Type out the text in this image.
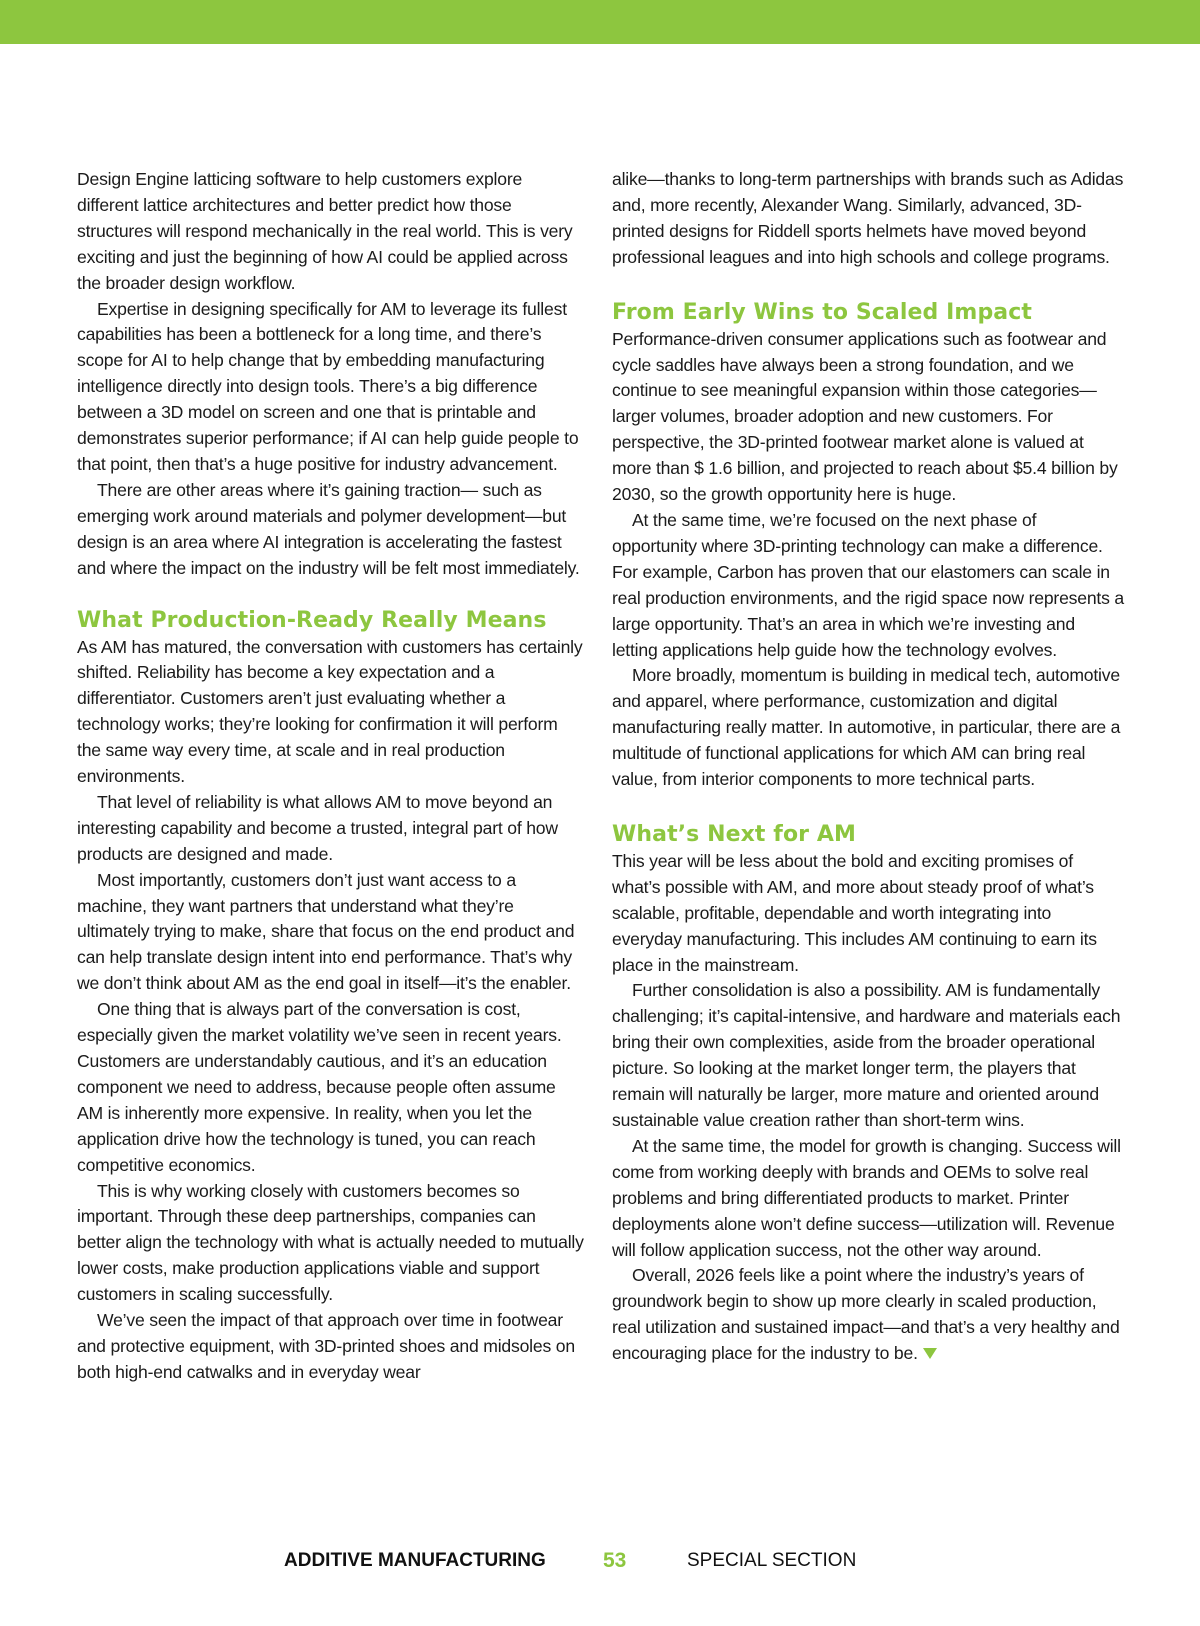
Design Engine latticing software to help customers explore different lattice architectures and better predict how those structures will respond mechanically in the real world. This is very exciting and just the beginning of how AI could be applied across the broader design workflow.

Expertise in designing specifically for AM to leverage its fullest capabilities has been a bottleneck for a long time, and there’s scope for AI to help change that by embedding manufacturing intelligence directly into design tools. There’s a big difference between a 3D model on screen and one that is printable and demonstrates superior performance; if AI can help guide people to that point, then that’s a huge positive for industry advancement.

There are other areas where it’s gaining traction— such as emerging work around materials and polymer development—but design is an area where AI integration is accelerating the fastest and where the impact on the industry will be felt most immediately.

What Production-Ready Really Means

As AM has matured, the conversation with customers has certainly shifted. Reliability has become a key expectation and a differentiator. Customers aren’t just evaluating whether a technology works; they’re looking for confirmation it will perform the same way every time, at scale and in real production environments.

That level of reliability is what allows AM to move beyond an interesting capability and become a trusted, integral part of how products are designed and made.

Most importantly, customers don’t just want access to a machine, they want partners that understand what they’re ultimately trying to make, share that focus on the end product and can help translate design intent into end performance. That’s why we don’t think about AM as the end goal in itself—it’s the enabler.

One thing that is always part of the conversation is cost, especially given the market volatility we’ve seen in recent years. Customers are understandably cautious, and it’s an education component we need to address, because people often assume AM is inherently more expensive. In reality, when you let the application drive how the technology is tuned, you can reach competitive economics.

This is why working closely with customers becomes so important. Through these deep partnerships, companies can better align the technology with what is actually needed to mutually lower costs, make production applications viable and support customers in scaling successfully.

We’ve seen the impact of that approach over time in footwear and protective equipment, with 3D-printed shoes and midsoles on both high-end catwalks and in everyday wear

alike—thanks to long-term partnerships with brands such as Adidas and, more recently, Alexander Wang. Similarly, advanced, 3D-printed designs for Riddell sports helmets have moved beyond professional leagues and into high schools and college programs.

From Early Wins to Scaled Impact

Performance-driven consumer applications such as footwear and cycle saddles have always been a strong foundation, and we continue to see meaningful expansion within those categories—larger volumes, broader adoption and new customers. For perspective, the 3D-printed footwear market alone is valued at more than $ 1.6 billion, and projected to reach about $5.4 billion by 2030, so the growth opportunity here is huge.

At the same time, we’re focused on the next phase of opportunity where 3D-printing technology can make a difference. For example, Carbon has proven that our elastomers can scale in real production environments, and the rigid space now represents a large opportunity. That’s an area in which we’re investing and letting applications help guide how the technology evolves.

More broadly, momentum is building in medical tech, automotive and apparel, where performance, customization and digital manufacturing really matter. In automotive, in particular, there are a multitude of functional applications for which AM can bring real value, from interior components to more technical parts.

What’s Next for AM

This year will be less about the bold and exciting promises of what’s possible with AM, and more about steady proof of what’s scalable, profitable, dependable and worth integrating into everyday manufacturing. This includes AM continuing to earn its place in the mainstream.

Further consolidation is also a possibility. AM is fundamentally challenging; it’s capital-intensive, and hardware and materials each bring their own complexities, aside from the broader operational picture. So looking at the market longer term, the players that remain will naturally be larger, more mature and oriented around sustainable value creation rather than short-term wins.

At the same time, the model for growth is changing. Success will come from working deeply with brands and OEMs to solve real problems and bring differentiated products to market. Printer deployments alone won’t define success—utilization will. Revenue will follow application success, not the other way around.

Overall, 2026 feels like a point where the industry’s years of groundwork begin to show up more clearly in scaled production, real utilization and sustained impact—and that’s a very healthy and encouraging place for the industry to be.

ADDITIVE MANUFACTURING	53	SPECIAL SECTION
